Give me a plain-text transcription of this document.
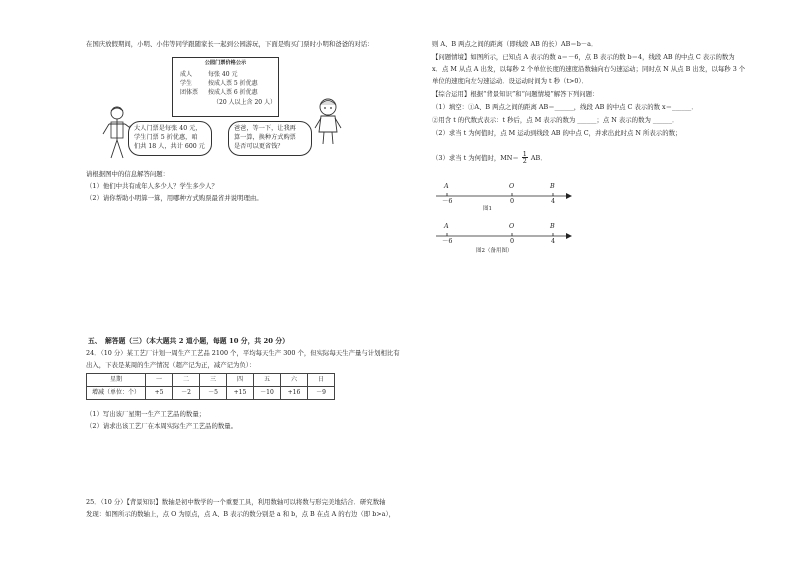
在国庆放假期间，小明、小伟等同学跟随家长一起到公园游玩，下面是购买门票时小明和爸爸的对话：
公园门票价格公示
成人	每张 40 元
学生	按成人票 5 折优惠
团体票 按成人票 6 折优惠
（20 人以上含 20 人）
大人门票是每张 40 元，
学生门票 5 折优惠，咱
们共 18 人，共计 600 元
爸爸，等一下，让我再
算一算，换种方式购票
是否可以更省钱？
请根据图中的信息解答问题：
（1）他们中共有成年人多少人？学生多少人？
（2）请你帮助小明算一算，用哪种方式购票最省并说明理由。
五、　解答题（三）（本大题共 2 道小题，每题 10 分，共 20 分）
24．（10 分）某工艺厂计划一周生产工艺品 2100 个，平均每天生产 300 个，但实际每天生产量与计划相比有
出入，下表是某周的生产情况（超产记为正，减产记为负）：
星期	一	二	三	四	五	六	日
增减（单位：个）	+5	－2	－5	+15	－10	+16	－9
（1）写出该厂星期一生产工艺品的数量；
（2）请求出该工艺厂在本周实际生产工艺品的数量。
25．（10 分）【背景知识】数轴是初中数学的一个重要工具，利用数轴可以将数与形完美地结合．研究数轴
发现：如图所示的数轴上，点 O 为原点，点 A、B 表示的数分别是 a 和 b，点 B 在点 A 的右边（即 b>a），
则 A、B 两点之间的距离（即线段 AB 的长）AB＝b－a．
【问题情境】如图所示，已知点 A 表示的数 a＝－6，点 B 表示的数 b＝4，线段 AB 的中点 C 表示的数为
x．点 M 从点 A 出发，以每秒 2 个单位长度的速度沿数轴向右匀速运动；同时点 N 从点 B 出发，以每秒 3 个
单位的速度向左匀速运动．设运动时间为 t 秒（t>0）．
【综合运用】根据“背景知识”和“问题情境”解答下列问题：
（1）填空：①A、B 两点之间的距离 AB＝______，线段 AB 的中点 C 表示的数 x＝______．
②用含 t 的代数式表示：t 秒后，点 M 表示的数为 ______；点 N 表示的数为 ______．
（2）求当 t 为何值时，点 M 运动到线段 AB 的中点 C，并求出此时点 N 所表示的数；
（3）求当 t 为何值时，$MN= \frac{1}{2}$ AB．
A
－6
O
0
B
4
图1
A
－6
O
0
B
4
图2（备用图）
